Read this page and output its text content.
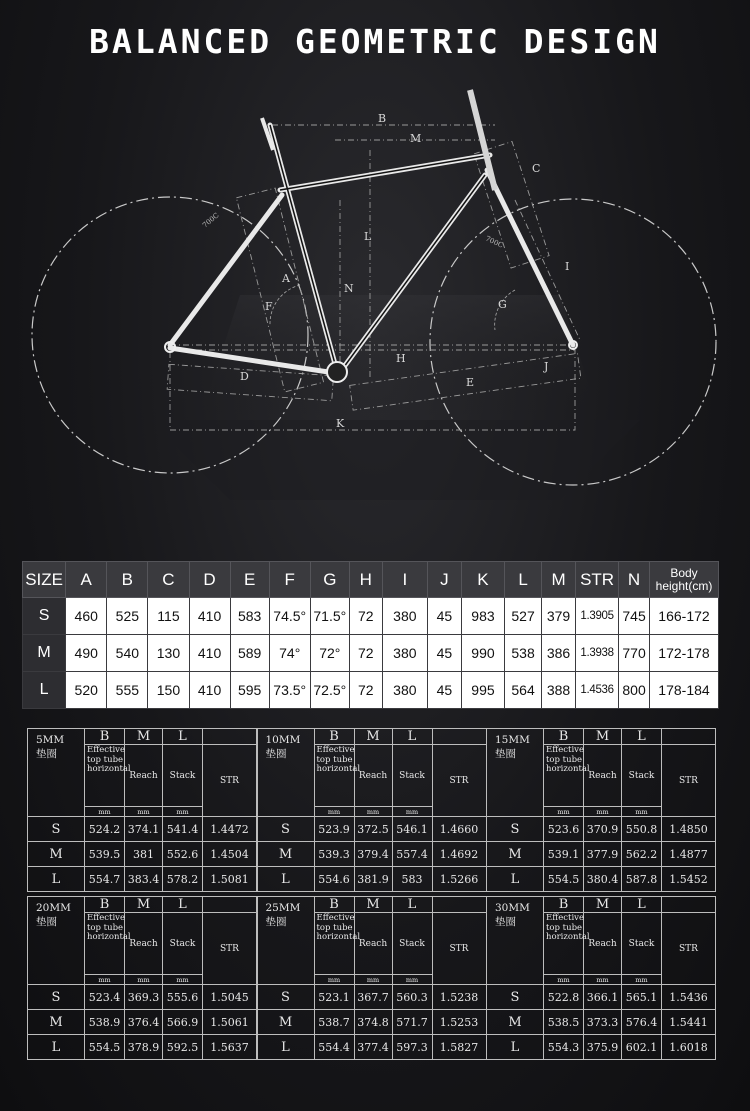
BALANCED GEOMETRIC DESIGN
700C
700C
A
B
C
D	E
F	G
H
J
K
L
M
N
I
SIZE	A	B	C	D	E	F	G	H	I	J	K	L	M	STR	N	Body height(cm)
S	460	525	115	410	583	74.5°	71.5°	72	380	45	983	527	379	1.3905	745	166-172
M	490	540	130	410	589	74°	72°	72	380	45	990	538	386	1.3938	770	172-178
L	520	555	150	410	595	73.5°	72.5°	72	380	45	995	564	388	1.4536	800	178-184
5MM
垫圈	B	M	L	
	Effective top tube horizontal	Reach	Stack	STR
	mm	mm	mm	
S	524.2	374.1	541.4	1.4472
M	539.5	381	552.6	1.4504
L	554.7	383.4	578.2	1.5081
10MM
垫圈	B	M	L	
	Effective top tube horizontal	Reach	Stack	STR
	mm	mm	mm	
S	523.9	372.5	546.1	1.4660
M	539.3	379.4	557.4	1.4692
L	554.6	381.9	583	1.5266
15MM
垫圈	B	M	L	
	Effective top tube horizontal	Reach	Stack	STR
	mm	mm	mm	
S	523.6	370.9	550.8	1.4850
M	539.1	377.9	562.2	1.4877
L	554.5	380.4	587.8	1.5452
20MM
垫圈	B	M	L	
	Effective top tube horizontal	Reach	Stack	STR
	mm	mm	mm	
S	523.4	369.3	555.6	1.5045
M	538.9	376.4	566.9	1.5061
L	554.5	378.9	592.5	1.5637
25MM
垫圈	B	M	L	
	Effective top tube horizontal	Reach	Stack	STR
	mm	mm	mm	
S	523.1	367.7	560.3	1.5238
M	538.7	374.8	571.7	1.5253
L	554.4	377.4	597.3	1.5827
30MM
垫圈	B	M	L	
	Effective top tube horizontal	Reach	Stack	STR
	mm	mm	mm	
S	522.8	366.1	565.1	1.5436
M	538.5	373.3	576.4	1.5441
L	554.3	375.9	602.1	1.6018
